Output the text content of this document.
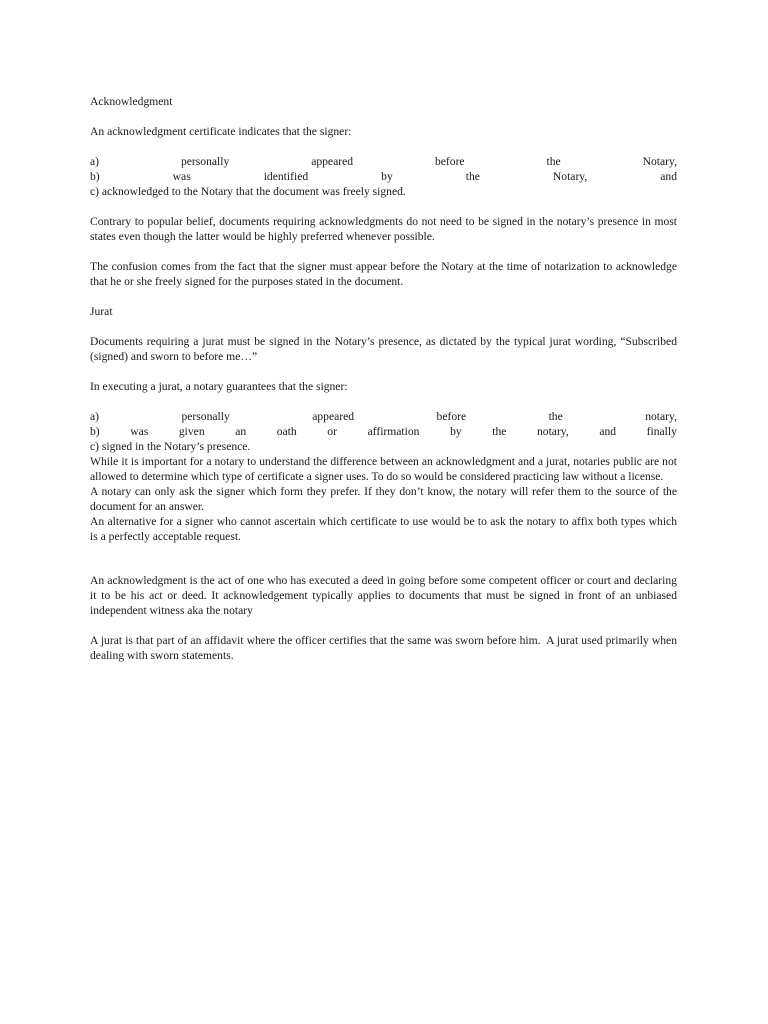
Acknowledgment
An acknowledgment certificate indicates that the signer:
a)	personally	appeared	before	the	Notary,
b)	was	identified	by	the	Notary,	and
c) acknowledged to the Notary that the document was freely signed.
Contrary to popular belief, documents requiring acknowledgments do not need to be signed in the notary’s presence in most states even though the latter would be highly preferred whenever possible.
The confusion comes from the fact that the signer must appear before the Notary at the time of notarization to acknowledge that he or she freely signed for the purposes stated in the document.
Jurat
Documents requiring a jurat must be signed in the Notary’s presence, as dictated by the typical jurat wording, “Subscribed (signed) and sworn to before me…”
In executing a jurat, a notary guarantees that the signer:
a)	personally	appeared	before	the	notary,
b)	was	given	an	oath	or	affirmation	by	the	notary,	and	finally
c) signed in the Notary’s presence.
While it is important for a notary to understand the difference between an acknowledgment and a jurat, notaries public are not allowed to determine which type of certificate a signer uses. To do so would be considered practicing law without a license.
A notary can only ask the signer which form they prefer. If they don’t know, the notary will refer them to the source of the document for an answer.
An alternative for a signer who cannot ascertain which certificate to use would be to ask the notary to affix both types which is a perfectly acceptable request.
An acknowledgment is the act of one who has executed a deed in going before some competent officer or court and declaring it to be his act or deed. It acknowledgement typically applies to documents that must be signed in front of an unbiased independent witness aka the notary
A jurat is that part of an affidavit where the officer certifies that the same was sworn before him.  A jurat used primarily when dealing with sworn statements.
